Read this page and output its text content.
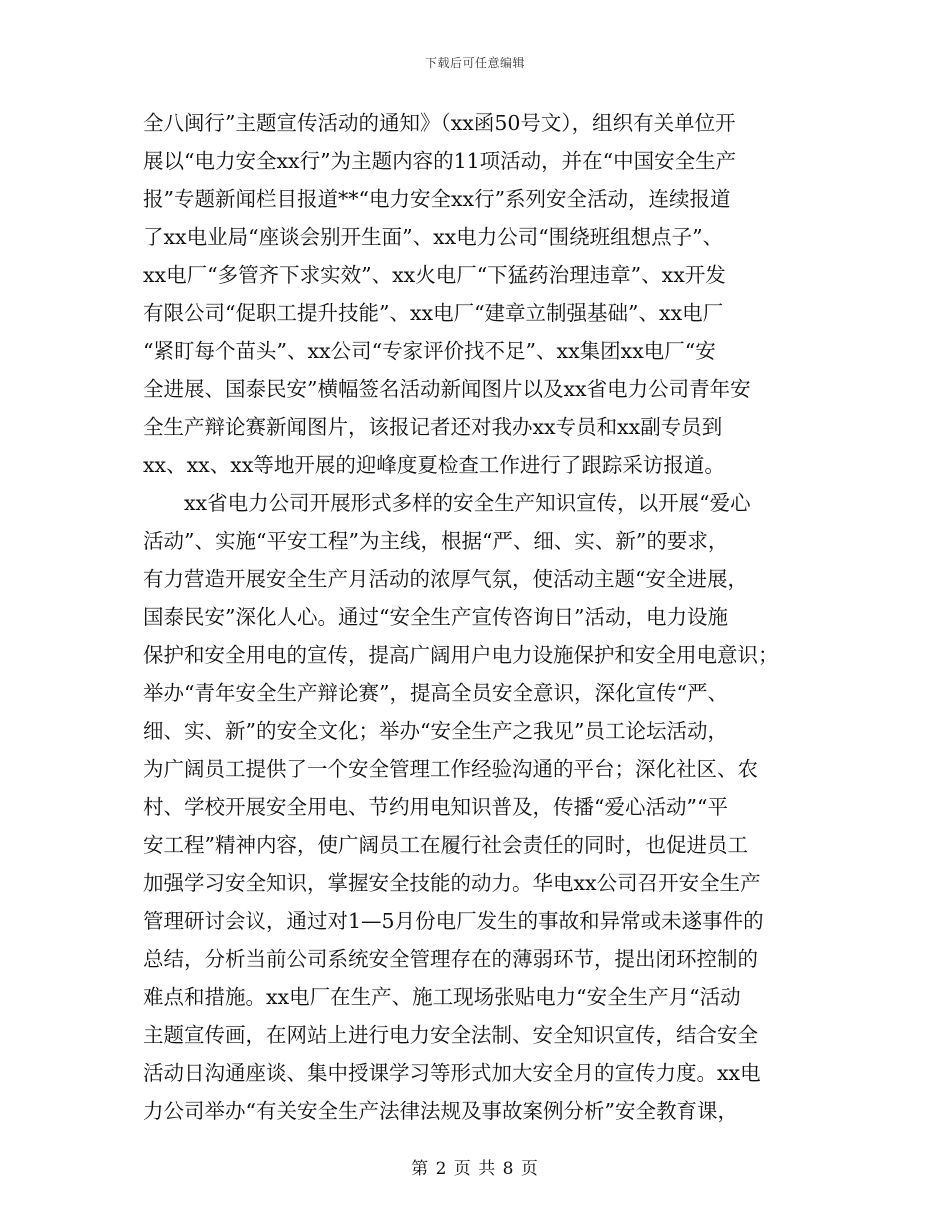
下载后可任意编辑
全八闽行”主题宣传活动的通知》（xx函50号文），组织有关单位开
展以“电力安全xx行”为主题内容的11项活动，并在“中国安全生产
报”专题新闻栏目报道**“电力安全xx行”系列安全活动，连续报道
了xx电业局“座谈会别开生面”、xx电力公司“围绕班组想点子”、
xx电厂“多管齐下求实效”、xx火电厂“下猛药治理违章”、xx开发
有限公司“促职工提升技能”、xx电厂“建章立制强基础”、xx电厂
“紧盯每个苗头”、xx公司“专家评价找不足”、xx集团xx电厂“安
全进展、国泰民安”横幅签名活动新闻图片以及xx省电力公司青年安
全生产辩论赛新闻图片，该报记者还对我办xx专员和xx副专员到
xx、xx、xx等地开展的迎峰度夏检查工作进行了跟踪采访报道。
xx省电力公司开展形式多样的安全生产知识宣传，以开展“爱心
活动”、实施“平安工程”为主线，根据“严、细、实、新”的要求，
有力营造开展安全生产月活动的浓厚气氛，使活动主题“安全进展，
国泰民安”深化人心。通过“安全生产宣传咨询日”活动，电力设施
保护和安全用电的宣传，提高广阔用户电力设施保护和安全用电意识；
举办“青年安全生产辩论赛”，提高全员安全意识，深化宣传“严、
细、实、新”的安全文化；举办“安全生产之我见”员工论坛活动，
为广阔员工提供了一个安全管理工作经验沟通的平台；深化社区、农
村、学校开展安全用电、节约用电知识普及，传播“爱心活动”“平
安工程”精神内容，使广阔员工在履行社会责任的同时，也促进员工
加强学习安全知识，掌握安全技能的动力。华电xx公司召开安全生产
管理研讨会议，通过对1—5月份电厂发生的事故和异常或未遂事件的
总结，分析当前公司系统安全管理存在的薄弱环节，提出闭环控制的
难点和措施。xx电厂在生产、施工现场张贴电力“安全生产月“活动
主题宣传画，在网站上进行电力安全法制、安全知识宣传，结合安全
活动日沟通座谈、集中授课学习等形式加大安全月的宣传力度。xx电
力公司举办“有关安全生产法律法规及事故案例分析”安全教育课，
第 2 页 共 8 页
